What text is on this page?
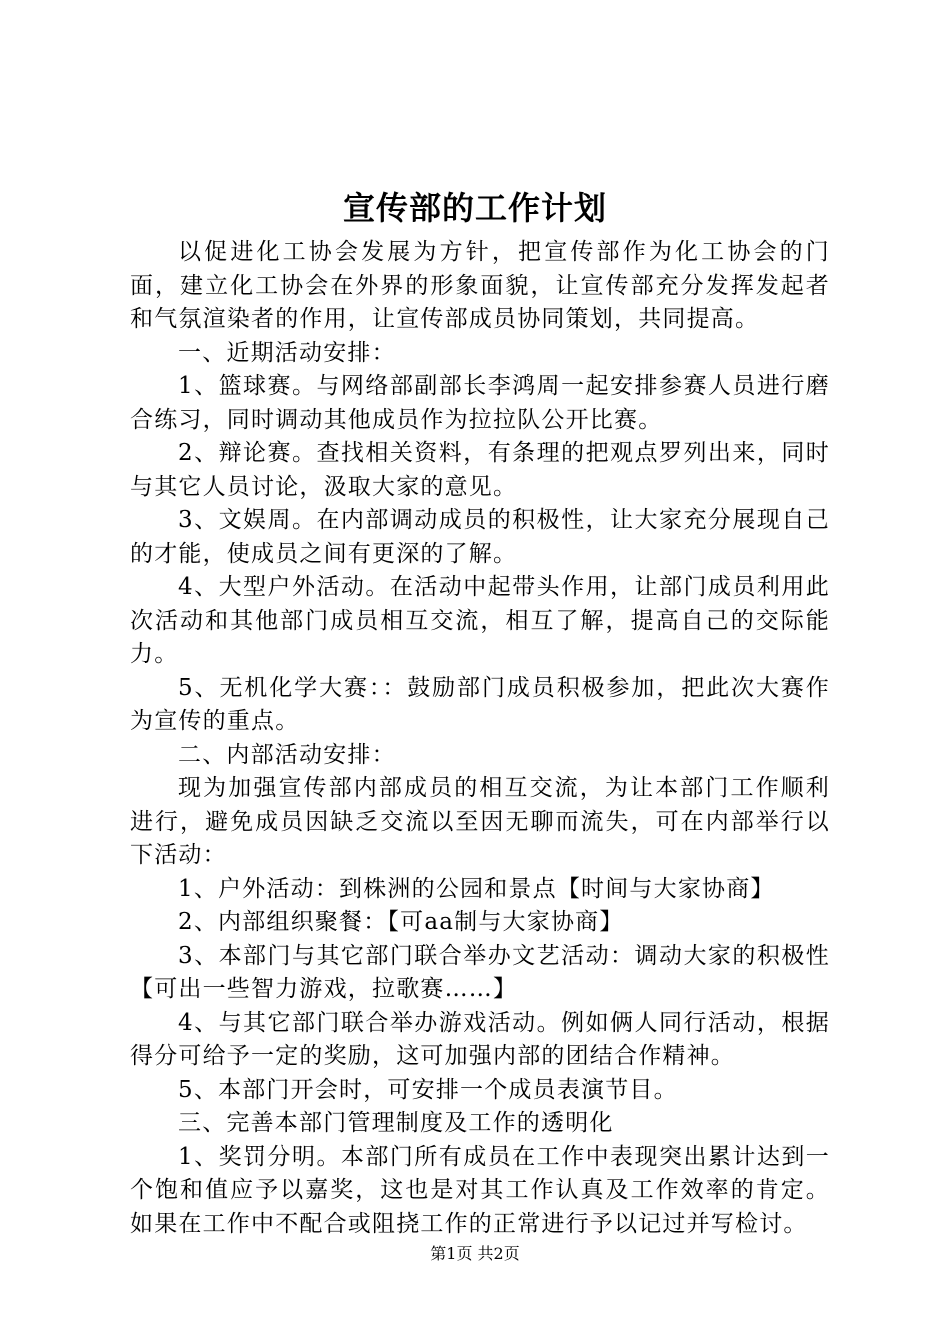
宣传部的工作计划

以促进化工协会发展为方针，把宣传部作为化工协会的门面，建立化工协会在外界的形象面貌，让宣传部充分发挥发起者和气氛渲染者的作用，让宣传部成员协同策划，共同提高。

一、近期活动安排：

1、篮球赛。与网络部副部长李鸿周一起安排参赛人员进行磨合练习，同时调动其他成员作为拉拉队公开比赛。

2、辩论赛。查找相关资料，有条理的把观点罗列出来，同时与其它人员讨论，汲取大家的意见。

3、文娱周。在内部调动成员的积极性，让大家充分展现自己的才能，使成员之间有更深的了解。

4、大型户外活动。在活动中起带头作用，让部门成员利用此次活动和其他部门成员相互交流，相互了解，提高自己的交际能力。

5、无机化学大赛：：鼓励部门成员积极参加，把此次大赛作为宣传的重点。

二、内部活动安排：

现为加强宣传部内部成员的相互交流，为让本部门工作顺利进行，避免成员因缺乏交流以至因无聊而流失，可在内部举行以下活动：

1、户外活动：到株洲的公园和景点【时间与大家协商】

2、内部组织聚餐：【可aa制与大家协商】

3、本部门与其它部门联合举办文艺活动：调动大家的积极性【可出一些智力游戏，拉歌赛……】

4、与其它部门联合举办游戏活动。例如俩人同行活动，根据得分可给予一定的奖励，这可加强内部的团结合作精神。

5、本部门开会时，可安排一个成员表演节目。

三、完善本部门管理制度及工作的透明化

1、奖罚分明。本部门所有成员在工作中表现突出累计达到一个饱和值应予以嘉奖，这也是对其工作认真及工作效率的肯定。如果在工作中不配合或阻挠工作的正常进行予以记过并写检讨。

第1页 共2页
